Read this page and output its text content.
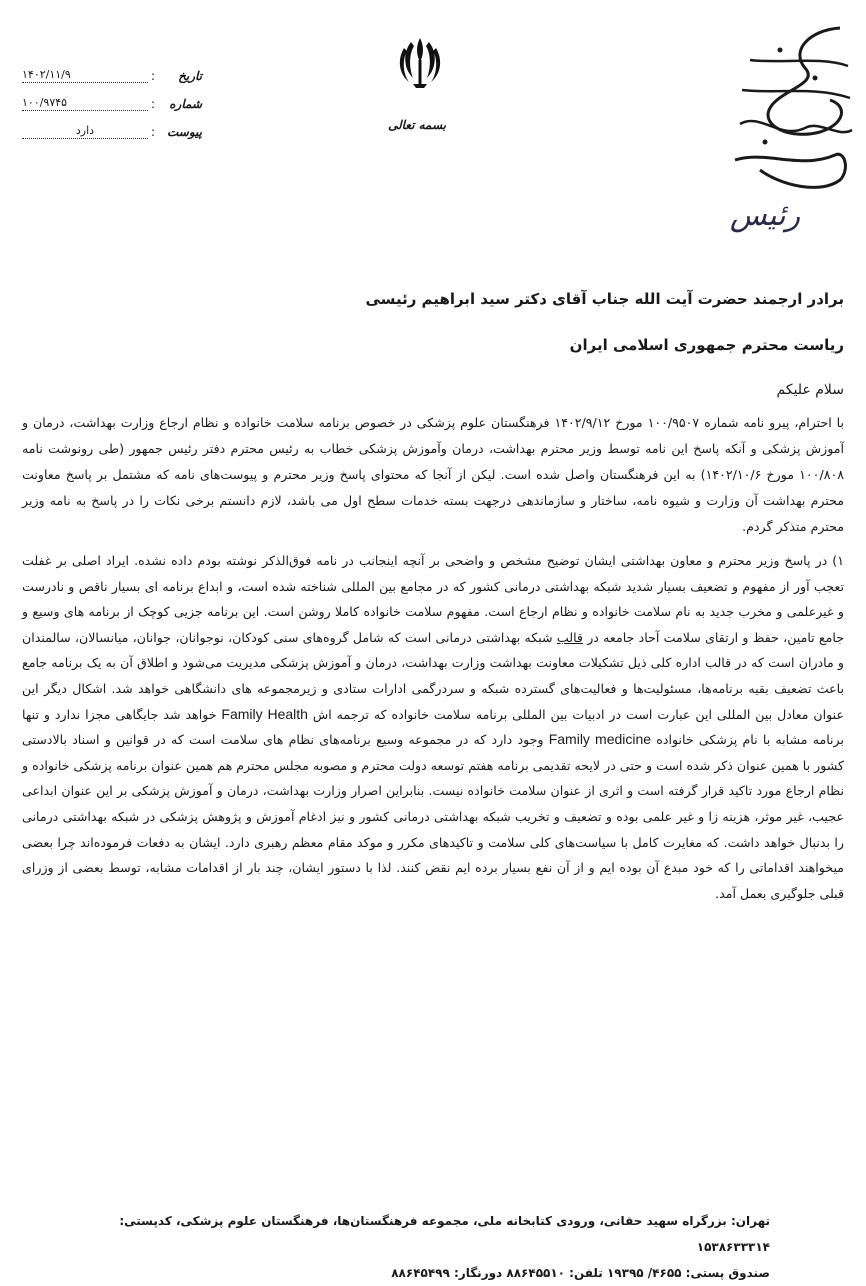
تاریخ
:
۱۴۰۲/۱۱/۹
شماره
:
۱۰۰/۹۷۴۵
پیوست
:
دارد	بسمه تعالی
رئیس

برادر ارجمند حضرت آیت الله جناب آقای دکتر سید ابراهیم رئیسی

ریاست محترم جمهوری اسلامی ایران

سلام علیکم

با احترام، پیرو نامه شماره ۱۰۰/۹۵۰۷ مورخ ۱۴۰۲/۹/۱۲ فرهنگستان علوم پزشکی در خصوص برنامه سلامت خانواده و نظام ارجاع وزارت بهداشت، درمان و آموزش پزشکی و آنکه پاسخ این نامه توسط وزیر محترم بهداشت، درمان وآموزش پزشکی خطاب به رئیس محترم دفتر رئیس جمهور (طی رونوشت نامه ۱۰۰/۸۰۸ مورخ ۱۴۰۲/۱۰/۶) به این فرهنگستان واصل شده است. لیکن از آنجا که محتوای پاسخ وزیر محترم و پیوست‌های نامه که مشتمل بر پاسخ معاونت محترم بهداشت آن وزارت و شیوه نامه، ساختار و سازماندهی درجهت بسته خدمات سطح اول می باشد، لازم دانستم برخی نکات را در پاسخ به نامه وزیر محترم متذکر گردم.

۱) در پاسخ وزیر محترم و معاون بهداشتی ایشان توضیح مشخص و واضحی بر آنچه اینجانب در نامه فوق‌الذکر نوشته بودم داده نشده. ایراد اصلی بر غفلت تعجب آور از مفهوم و تضعیف بسیار شدید شبکه بهداشتی درمانی کشور که در مجامع بین المللی شناخته شده است، و ابداع برنامه ای بسیار ناقص و نادرست و غیرعلمی و مخرب جدید به نام سلامت خانواده و نظام ارجاع است. مفهوم سلامت خانواده کاملا روشن است. این برنامه جزیی کوچک از برنامه های وسیع و جامع تامین، حفظ و ارتقای سلامت آحاد جامعه در قالب شبکه بهداشتی درمانی است که شامل گروه‌های سنی کودکان، نوجوانان، جوانان، میانسالان، سالمندان و مادران است که در قالب اداره کلی ذیل تشکیلات معاونت بهداشت وزارت بهداشت، درمان و آموزش پزشکی مدیریت می‌شود و اطلاق آن به یک برنامه جامع باعث تضعیف بقیه برنامه‌ها، مسئولیت‌ها و فعالیت‌های گسترده شبکه و سردرگمی ادارات ستادی و زیرمجموعه های دانشگاهی خواهد شد. اشکال دیگر این عنوان معادل بین المللی این عبارت است در ادبیات بین المللی برنامه سلامت خانواده که ترجمه اش Family Health خواهد شد جایگاهی مجزا ندارد و تنها برنامه مشابه با نام پزشکی خانواده Family medicine وجود دارد که در مجموعه وسیع برنامه‌های نظام های سلامت است که در قوانین و اسناد بالادستی کشور با همین عنوان ذکر شده است و حتی در لایحه تقدیمی برنامه هفتم توسعه دولت محترم و مصوبه مجلس محترم هم همین عنوان برنامه پزشکی خانواده و نظام ارجاع مورد تاکید قرار گرفته است و اثری از عنوان سلامت خانواده نیست. بنابراین اصرار وزارت بهداشت، درمان و آموزش پزشکی بر این عنوان ابداعی عجیب، غیر موثر، هزینه زا و غیر علمی بوده و تضعیف و تخریب شبکه بهداشتی درمانی کشور و نیز ادغام آموزش و پژوهش پزشکی در شبکه بهداشتی درمانی را بدنبال خواهد داشت. که مغایرت کامل با سیاست‌های کلی سلامت و تاکیدهای مکرر و موکد مقام معظم رهبری دارد. ایشان به دفعات فرموده‌اند چرا بعضی میخواهند اقداماتی را که خود مبدع آن بوده ایم و از آن نفع بسیار برده ایم نقض کنند. لذا با دستور ایشان، چند بار از اقدامات مشابه، توسط بعضی از وزرای قبلی جلوگیری بعمل آمد.

تهران: بزرگراه سهید حقانی، ورودی کتابخانه ملی، مجموعه فرهنگستان‌ها، فرهنگستان علوم پزشکی، کدپستی: ۱۵۳۸۶۳۳۳۱۴
صندوق پستی: ۴۶۵۵/ ۱۹۳۹۵ تلفن: ۸۸۶۴۵۵۱۰ دورنگار: ۸۸۶۴۵۴۹۹
